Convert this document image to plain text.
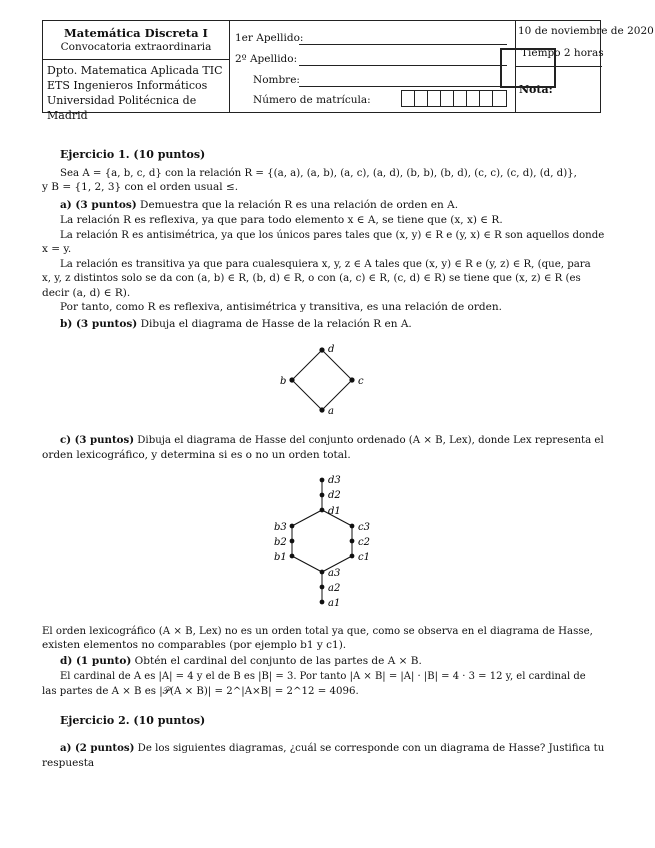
Matemática Discreta I
Convocatoria extraordinaria
Dpto. Matematica Aplicada TIC
ETS Ingenieros Informáticos
Universidad Politécnica de Madrid
1er Apellido:
2º Apellido:
Nombre:
Número de matrícula:
10 de noviembre de 2020
Tiempo 2 horas
Nota:
Ejercicio 1. (10 puntos)
Sea A = {a, b, c, d} con la relación R = {(a, a), (a, b), (a, c), (a, d), (b, b), (b, d), (c, c), (c, d), (d, d)},
y B = {1, 2, 3} con el orden usual ≤.
a) (3 puntos) Demuestra que la relación R es una relación de orden en A.
La relación R es reflexiva, ya que para todo elemento x ∈ A, se tiene que (x, x) ∈ R.
La relación R es antisimétrica, ya que los únicos pares tales que (x, y) ∈ R e (y, x) ∈ R son aquellos donde
x = y.
La relación es transitiva ya que para cualesquiera x, y, z ∈ A tales que (x, y) ∈ R e (y, z) ∈ R, (que, para
x, y, z distintos solo se da con (a, b) ∈ R, (b, d) ∈ R, o con (a, c) ∈ R, (c, d) ∈ R) se tiene que (x, z) ∈ R (es
decir (a, d) ∈ R).
Por tanto, como R es reflexiva, antisimétrica y transitiva, es una relación de orden.
b) (3 puntos) Dibuja el diagrama de Hasse de la relación R en A.
d
b	c
a
c) (3 puntos) Dibuja el diagrama de Hasse del conjunto ordenado (A × B, Lex), donde Lex representa el
orden lexicográfico, y determina si es o no un orden total.
d3
d2
d1
b3
b2
b1
c3
c2
c1
a3
a2
a1
El orden lexicográfico (A × B, Lex) no es un orden total ya que, como se observa en el diagrama de Hasse,
existen elementos no comparables (por ejemplo b1 y c1).
d) (1 punto) Obtén el cardinal del conjunto de las partes de A × B.
El cardinal de A es |A| = 4 y el de B es |B| = 3. Por tanto |A × B| = |A| · |B| = 4 · 3 = 12 y, el cardinal de
las partes de A × B es |𝒫(A × B)| = 2^|A×B| = 2^12 = 4096.
Ejercicio 2. (10 puntos)
a) (2 puntos) De los siguientes diagramas, ¿cuál se corresponde con un diagrama de Hasse? Justifica tu
respuesta
